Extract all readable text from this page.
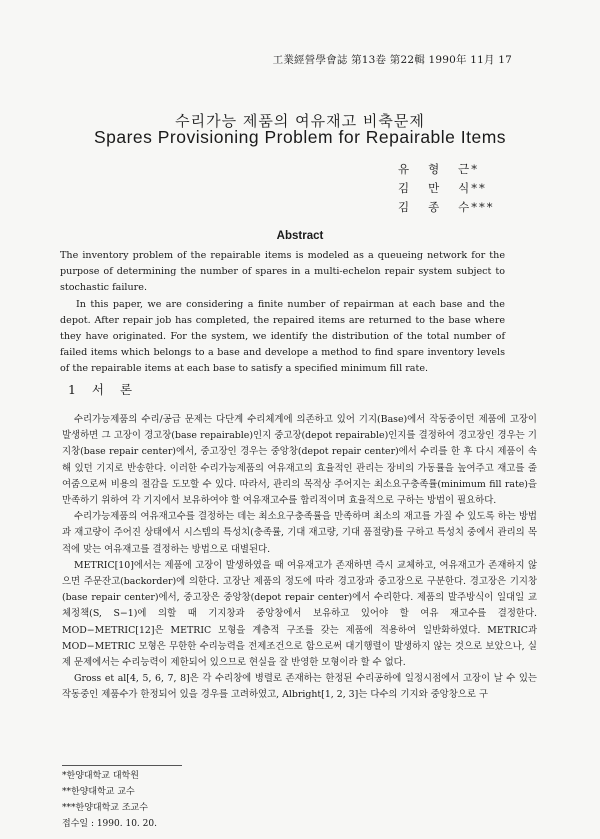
工業經營學會誌 第13卷 第22輯 1990年 11月 17
수리가능 제품의 여유재고 비축문제
Spares Provisioning Problem for Repairable Items
유   형   근*
김   만   식**
김   종   수***
Abstract

The inventory problem of the repairable items is modeled as a queueing network for the purpose of determining the number of spares in a multi-echelon repair system subject to stochastic failure.

In this paper, we are considering a finite number of repairman at each base and the depot. After repair job has completed, the repaired items are returned to the base where they have originated. For the system, we identify the distribution of the total number of failed items which belongs to a base and develope a method to find spare inventory levels of the repairable items at each base to satisfy a specified minimum fill rate.

1 서 론

수리가능제품의 수리/공급 문제는 다단계 수리체계에 의존하고 있어 기지(Base)에서 작동중이던 제품에 고장이 발생하면 그 고장이 경고장(base repairable)인지 중고장(depot repairable)인지를 결정하여 경고장인 경우는 기지창(base repair center)에서, 중고장인 경우는 중앙창(depot repair center)에서 수리를 한 후 다시 제품이 속해 있던 기지로 반송한다. 이러한 수리가능제품의 여유재고의 효율적인 관리는 장비의 가동률을 높여주고 재고를 줄여줌으로써 비용의 절감을 도모할 수 있다. 따라서, 관리의 목적상 주어지는 최소요구충족률(minimum fill rate)을 만족하기 위하여 각 기지에서 보유하여야 할 여유재고수를 합리적이며 효율적으로 구하는 방법이 필요하다.

수리가능제품의 여유재고수를 결정하는 데는 최소요구충족률을 만족하며 최소의 재고를 가질 수 있도록 하는 방법과 재고량이 주어진 상태에서 시스템의 특성치(충족률, 기대 재고량, 기대 품절량)를 구하고 특성치 중에서 관리의 목적에 맞는 여유재고를 결정하는 방법으로 대별된다.

METRIC[10]에서는 제품에 고장이 발생하였을 때 여유재고가 존재하면 즉시 교체하고, 여유재고가 존재하지 않으면 주문잔고(backorder)에 의한다. 고장난 제품의 정도에 따라 경고장과 중고장으로 구분한다. 경고장은 기지창(base repair center)에서, 중고장은 중앙창(depot repair center)에서 수리한다. 제품의 발주방식이 일대일 교체정책(S, S−1)에 의할 때 기지창과 중앙창에서 보유하고 있어야 할 여유 재고수를 결정한다. MOD−METRIC[12]은 METRIC 모형을 계층적 구조를 갖는 제품에 적용하여 일반화하였다. METRIC과 MOD−METRIC 모형은 무한한 수리능력을 전제조건으로 함으로써 대기행렬이 발생하지 않는 것으로 보았으나, 실제 문제에서는 수리능력이 제한되어 있으므로 현실을 잘 반영한 모형이라 할 수 없다.

Gross et al[4, 5, 6, 7, 8]은 각 수리창에 병렬로 존재하는 한정된 수리공하에 일정시점에서 고장이 날 수 있는 작동중인 제품수가 한정되어 있을 경우를 고려하였고, Albright[1, 2, 3]는 다수의 기지와 중앙창으로 구

*한양대학교 대학원
**한양대학교 교수
***한양대학교 조교수
접수일 : 1990. 10. 20.
